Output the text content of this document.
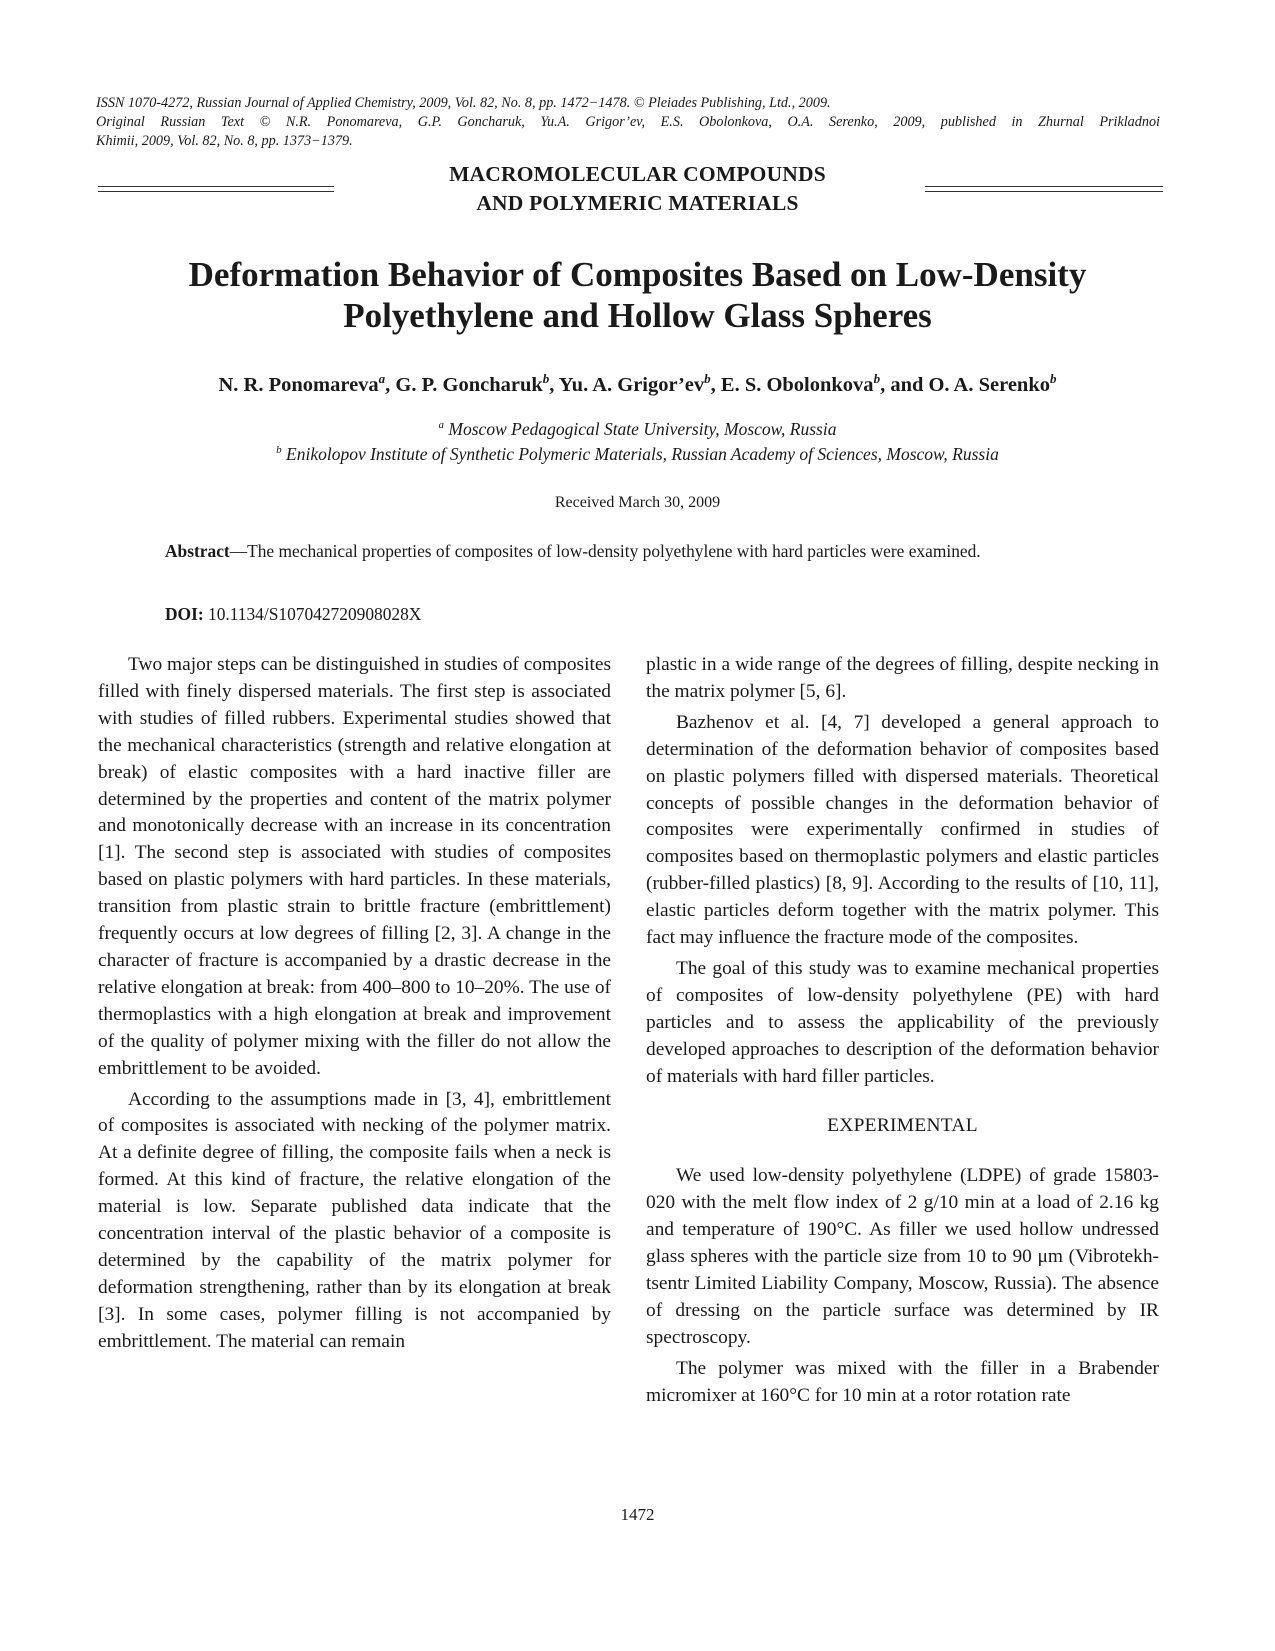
ISSN 1070-4272, Russian Journal of Applied Chemistry, 2009, Vol. 82, No. 8, pp. 1472−1478. © Pleiades Publishing, Ltd., 2009.
Original Russian Text © N.R. Ponomareva, G.P. Goncharuk, Yu.A. Grigor’ev, E.S. Obolonkova, O.A. Serenko, 2009, published in Zhurnal Prikladnoi
Khimii, 2009, Vol. 82, No. 8, pp. 1373−1379.
MACROMOLECULAR COMPOUNDS
AND POLYMERIC MATERIALS
Deformation Behavior of Composites Based on Low-Density
Polyethylene and Hollow Glass Spheres
N. R. Ponomareva$^a$, G. P. Goncharuk$^b$, Yu. A. $Grigor’ev^b$, E. S. Obolonkova$^b$, and O. A. Serenko$^b$
$^a$ Moscow Pedagogical State University, Moscow, Russia
$^b$ Enikolopov Institute of Synthetic Polymeric Materials, Russian Academy of Sciences, Moscow, Russia
Received March 30, 2009
Abstract—The mechanical properties of composites of low-density polyethylene with hard particles were examined.
DOI: 10.1134/S107042720908028X

Two major steps can be distinguished in studies of composites filled with finely dispersed materials. The first step is associated with studies of filled rubbers. Experimental studies showed that the mechanical characteristics (strength and relative elongation at break) of elastic composites with a hard inactive filler are determined by the properties and content of the matrix polymer and monotonically decrease with an increase in its concentration [1]. The second step is associated with studies of composites based on plastic polymers with hard particles. In these materials, transition from plastic strain to brittle fracture (embrittlement) frequently occurs at low degrees of filling [2, 3]. A change in the character of fracture is accompanied by a drastic decrease in the relative elongation at break: from 400–800 to 10–20%. The use of thermoplastics with a high elongation at break and improvement of the quality of polymer mixing with the filler do not allow the embrittlement to be avoided.

According to the assumptions made in [3, 4], embrittlement of composites is associated with necking of the polymer matrix. At a definite degree of filling, the composite fails when a neck is formed. At this kind of fracture, the relative elongation of the material is low. Separate published data indicate that the concentration interval of the plastic behavior of a composite is determined by the capability of the matrix polymer for deformation strengthening, rather than by its elongation at break [3]. In some cases, polymer filling is not accompanied by embrittlement. The material can remain

plastic in a wide range of the degrees of filling, despite necking in the matrix polymer [5, 6].

Bazhenov et al. [4, 7] developed a general approach to determination of the deformation behavior of composites based on plastic polymers filled with dispersed materials. Theoretical concepts of possible changes in the deformation behavior of composites were experimentally confirmed in studies of composites based on thermoplastic polymers and elastic particles (rubber-filled plastics) [8, 9]. According to the results of [10, 11], elastic particles deform together with the matrix polymer. This fact may influence the fracture mode of the composites.

The goal of this study was to examine mechanical properties of composites of low-density polyethylene (PE) with hard particles and to assess the applicability of the previously developed approaches to description of the deformation behavior of materials with hard filler particles.

EXPERIMENTAL

We used low-density polyethylene (LDPE) of grade 15803-020 with the melt flow index of 2 g/10 min at a load of 2.16 kg and temperature of 190°C. As filler we used hollow undressed glass spheres with the particle size from 10 to 90 μm (Vibrotekh-tsentr Limited Liability Company, Moscow, Russia). The absence of dressing on the particle surface was determined by IR spectroscopy.

The polymer was mixed with the filler in a Brabender micromixer at 160°C for 10 min at a rotor rotation rate

1472
